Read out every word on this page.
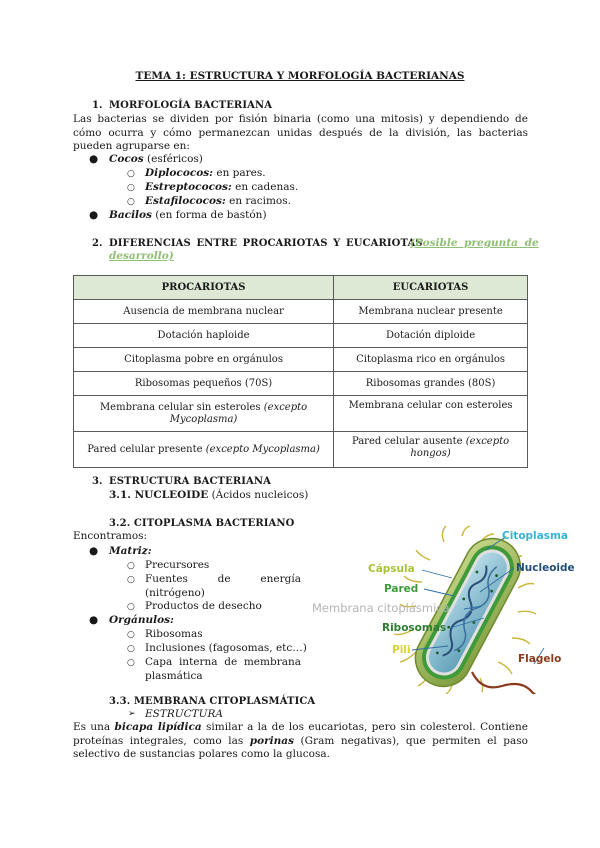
TEMA 1: ESTRUCTURA Y MORFOLOGÍA BACTERIANAS
1. MORFOLOGÍA BACTERIANA
Las bacterias se dividen por fisión binaria (como una mitosis) y dependiendo de cómo ocurra y cómo permanezcan unidas después de la división, las bacterias pueden agruparse en:
● Cocos (esféricos)
○ Diplococos: en pares.
○ Estreptococos: en cadenas.
○ Estafilococos: en racimos.
● Bacilos (en forma de bastón)
2. DIFERENCIAS ENTRE PROCARIOTAS Y EUCARIOTAS
(Posible pregunta de
desarrollo)
PROCARIOTAS	EUCARIOTAS
Ausencia de membrana nuclear	Membrana nuclear presente
Dotación haploide	Dotación diploide
Citoplasma pobre en orgánulos	Citoplasma rico en orgánulos
Ribosomas pequeños (70S)	Ribosomas grandes (80S)
Membrana celular sin esteroles (excepto Mycoplasma)	Membrana celular con esteroles
Pared celular presente (excepto Mycoplasma)	Pared celular ausente (excepto hongos)
3. ESTRUCTURA BACTERIANA
3.1. NUCLEOIDE (Ácidos nucleicos)
3.2. CITOPLASMA BACTERIANO
Encontramos:
● Matriz:
○ Precursores
○ Fuentes	de	energía
(nitrógeno)
○ Productos de desecho
● Orgánulos:
○ Ribosomas
○ Inclusiones (fagosomas, etc…)
○ Capa interna de membrana
plasmática
3.3. MEMBRANA CITOPLASMÁTICA
➢ ESTRUCTURA
Es una bicapa lipídica similar a la de los eucariotas, pero sin colesterol. Contiene proteínas integrales, como las porinas (Gram negativas), que permiten el paso selectivo de sustancias polares como la glucosa.
Citoplasma
Cápsula	Nucleoide
Pared
Membrana citoplásmica
Ribosomas
Pili
Flagelo
